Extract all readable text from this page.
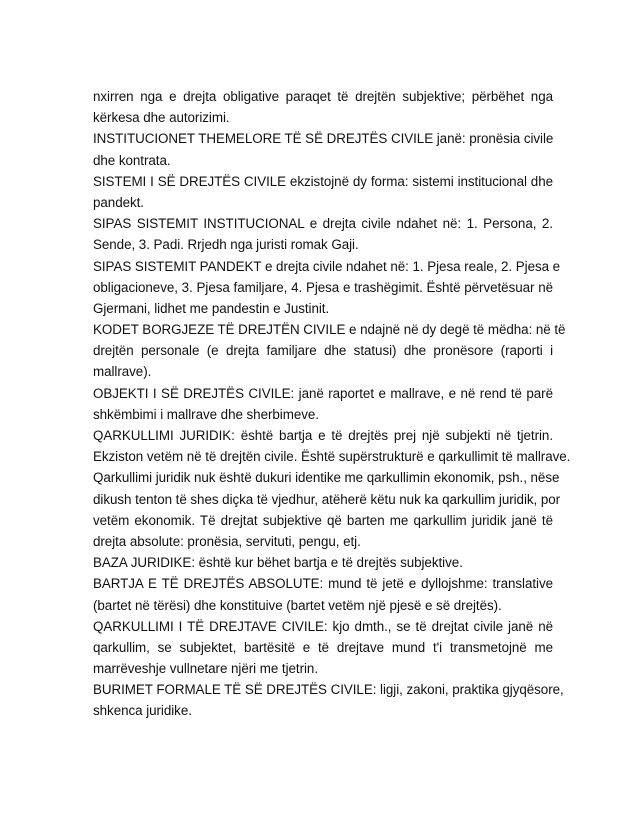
nxirren nga e drejta obligative paraqet të drejtën subjektive; përbëhet nga
kërkesa dhe autorizimi.
INSTITUCIONET THEMELORE TË SË DREJTËS CIVILE janë: pronësia civile
dhe kontrata.
SISTEMI I SË DREJTËS CIVILE ekzistojnë dy forma: sistemi institucional dhe
pandekt.
SIPAS SISTEMIT INSTITUCIONAL e drejta civile ndahet në: 1. Persona, 2.
Sende, 3. Padi. Rrjedh nga juristi romak Gaji.
SIPAS SISTEMIT PANDEKT e drejta civile ndahet në: 1. Pjesa reale, 2. Pjesa e
obligacioneve, 3. Pjesa familjare, 4. Pjesa e trashëgimit. Është përvetësuar në
Gjermani, lidhet me pandestin e Justinit.
KODET BORGJEZE TË DREJTËN CIVILE e ndajnë në dy degë të mëdha: në të
drejtën personale (e drejta familjare dhe statusi) dhe pronësore (raporti i
mallrave).
OBJEKTI I SË DREJTËS CIVILE: janë raportet e mallrave, e në rend të parë
shkëmbimi i mallrave dhe sherbimeve.
QARKULLIMI JURIDIK: është bartja e të drejtës prej një subjekti në tjetrin.
Ekziston vetëm në të drejtën civile. Është supërstrukturë e qarkullimit të mallrave.
Qarkullimi juridik nuk është dukuri identike me qarkullimin ekonomik, psh., nëse
dikush tenton të shes diçka të vjedhur, atëherë këtu nuk ka qarkullim juridik, por
vetëm ekonomik. Të drejtat subjektive që barten me qarkullim juridik janë të
drejta absolute: pronësia, servituti, pengu, etj.
BAZA JURIDIKE: është kur bëhet bartja e të drejtës subjektive.
BARTJA E TË DREJTËS ABSOLUTE: mund të jetë e dyllojshme: translative
(bartet në tërësi) dhe konstituive (bartet vetëm një pjesë e së drejtës).
QARKULLIMI I TË DREJTAVE CIVILE: kjo dmth., se të drejtat civile janë në
qarkullim, se subjektet, bartësitë e të drejtave mund t'i transmetojnë me
marrëveshje vullnetare njëri me tjetrin.
BURIMET FORMALE TË SË DREJTËS CIVILE: ligji, zakoni, praktika gjyqësore,
shkenca juridike.
